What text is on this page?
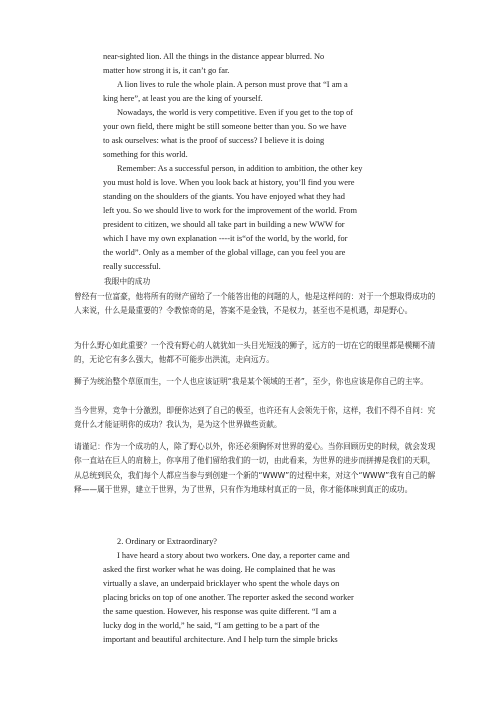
near-sighted lion. All the things in the distance appear blurred. No

matter how strong it is, it can’t go far.

A lion lives to rule the whole plain. A person must prove that “I am a

king here”, at least you are the king of yourself.

Nowadays, the world is very competitive. Even if you get to the top of

your own field, there might be still someone better than you. So we have

to ask ourselves: what is the proof of success? I believe it is doing

something for this world.

Remember: As a successful person, in addition to ambition, the other key

you must hold is love. When you look back at history, you’ll find you were

standing on the shoulders of the giants. You have enjoyed what they had

left you. So we should live to work for the improvement of the world. From

president to citizen, we should all take part in building a new WWW for

which I have my own explanation ----it is“of the world, by the world, for

the world”. Only as a member of the global village, can you feel you are

really successful.

我眼中的成功

曾经有一位富豪，他将所有的财产留给了一个能答出他的问题的人，他是这样问的：对于一个想取得成功的人来说，什么是最重要的？令教惊奇的是，答案不是金钱，不是权力，甚至也不是机遇，却是野心。

为什么野心如此重要？一个没有野心的人就犹如一头目光短浅的狮子，远方的一切在它的眼里都是模糊不清的，无论它有多么强大，他都不可能步出洪流，走向远方。

狮子为统治整个草原而生，一个人也应该证明“我是某个领域的王者”，至少，你也应该是你自己的主宰。

当今世界，竞争十分激烈，即便你达到了自己的极至，也许还有人会领先于你，这样，我们不得不自问：究竟什么才能证明你的成功？我认为，是为这个世界做些贡献。

请谨记：作为一个成功的人，除了野心以外，你还必须胸怀对世界的爱心。当你回顾历史的时候，就会发现你一直站在巨人的肩膀上，你享用了他们留给我们的一切，由此看来，为世界的进步而拼搏是我们的天职，从总统到民众，我们每个人都应当参与到创建一个新的“WWW”的过程中来，对这个“WWW”我有自己的解释——属于世界，建立于世界，为了世界，只有作为地球村真正的一员，你才能体味到真正的成功。

2. Ordinary or Extraordinary?

I have heard a story about two workers. One day, a reporter came and

asked the first worker what he was doing. He complained that he was

virtually a slave, an underpaid bricklayer who spent the whole days on

placing bricks on top of one another. The reporter asked the second worker

the same question. However, his response was quite different. “I am a

lucky dog in the world,” he said, “I am getting to be a part of the

important and beautiful architecture. And I help turn the simple bricks
